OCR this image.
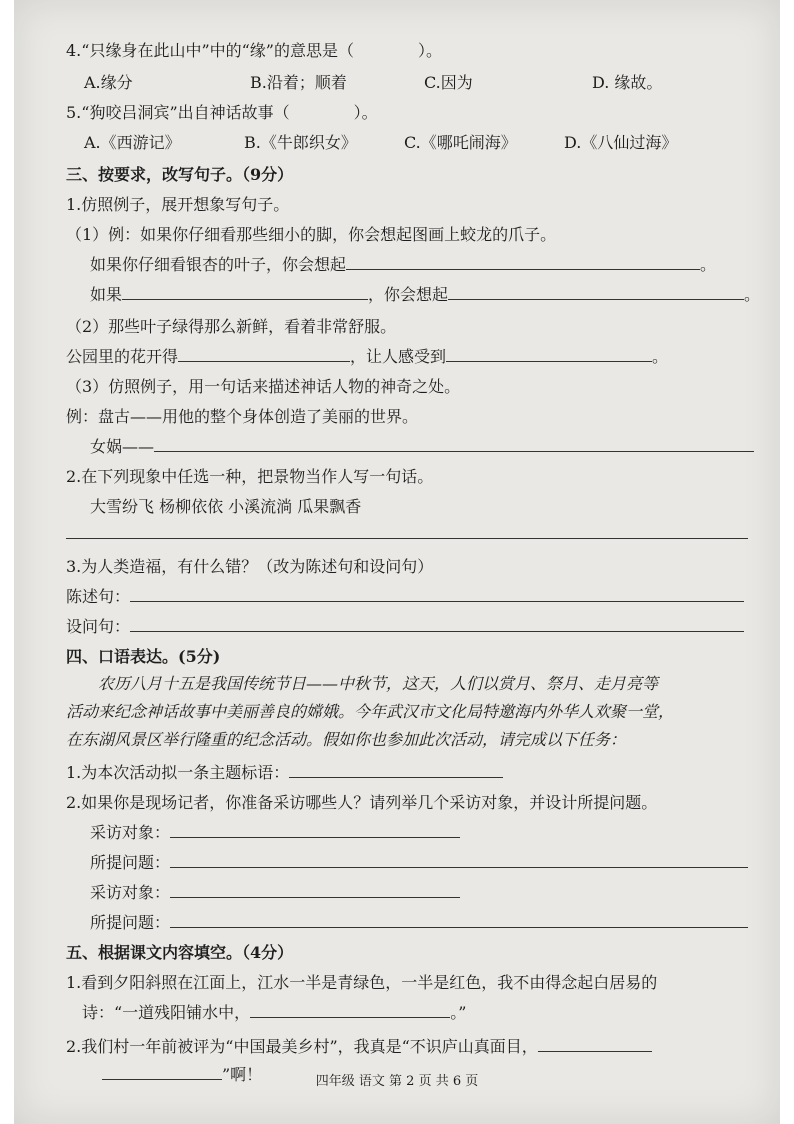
4.“只缘身在此山中”中的“缘”的意思是（　　　　）。
A.缘分	B.沿着；顺着	C.因为	D. 缘故。
5.“狗咬吕洞宾”出自神话故事（　　　　）。
A.《西游记》	B.《牛郎织女》	C.《哪吒闹海》	D.《八仙过海》
三、按要求，改写句子。（9分）
1.仿照例子，展开想象写句子。
（1）例：如果你仔细看那些细小的脚，你会想起图画上蛟龙的爪子。
如果你仔细看银杏的叶子，你会想起	。
如果	，你会想起	。
（2）那些叶子绿得那么新鲜，看着非常舒服。
公园里的花开得	，让人感受到	。
（3）仿照例子，用一句话来描述神话人物的神奇之处。
例：盘古——用他的整个身体创造了美丽的世界。
女娲——
2.在下列现象中任选一种，把景物当作人写一句话。
大雪纷飞 杨柳依依 小溪流淌 瓜果飘香
3.为人类造福，有什么错？（改为陈述句和设问句）
陈述句：
设问句：
四、口语表达。(5分)
农历八月十五是我国传统节日——中秋节，这天，人们以赏月、祭月、走月亮等
活动来纪念神话故事中美丽善良的嫦娥。今年武汉市文化局特邀海内外华人欢聚一堂，
在东湖风景区举行隆重的纪念活动。假如你也参加此次活动，请完成以下任务：
1.为本次活动拟一条主题标语：
2.如果你是现场记者，你准备采访哪些人？请列举几个采访对象，并设计所提问题。
采访对象：
所提问题：
采访对象：
所提问题：
五、根据课文内容填空。（4分）
1.看到夕阳斜照在江面上，江水一半是青绿色，一半是红色，我不由得念起白居易的
诗：“一道残阳铺水中，	。”
2.我们村一年前被评为“中国最美乡村”，我真是“不识庐山真面目，
”啊！	四年级 语文 第 2 页 共 6 页
